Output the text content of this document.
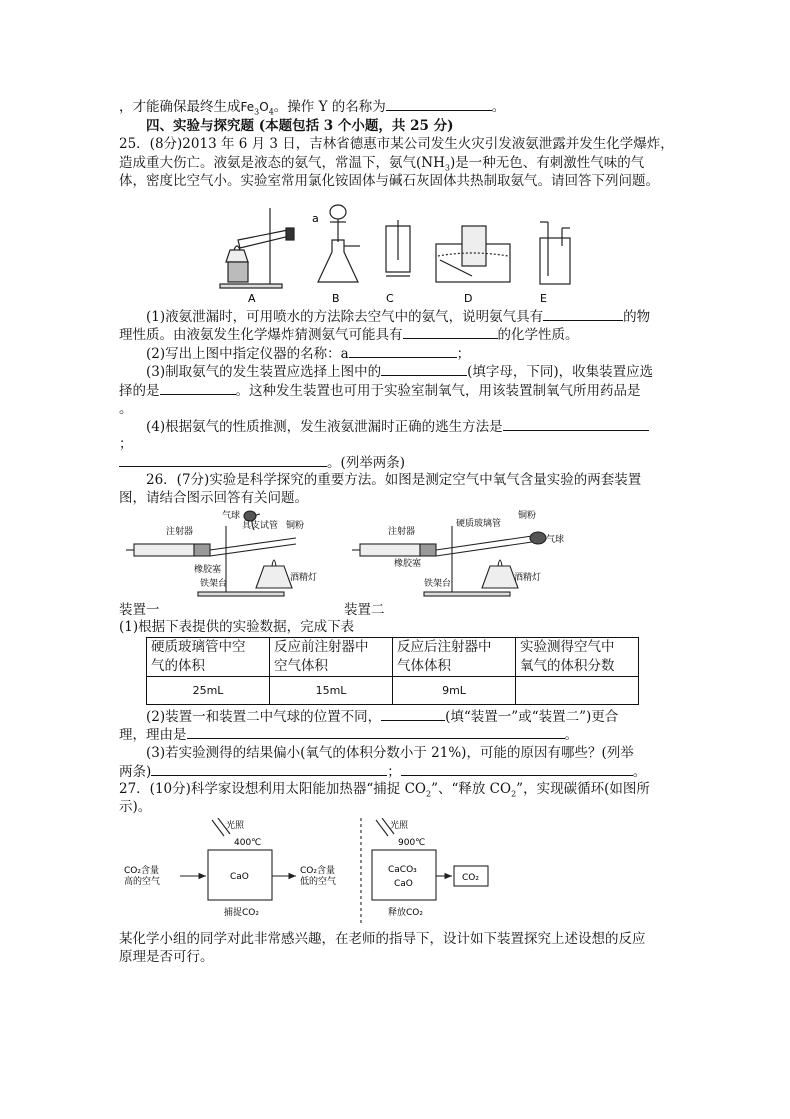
，才能确保最终生成$Fe_3O_4$。操作 Y 的名称为	。
四、实验与探究题 (本题包括 3 个小题，共 25 分)
25．(8分)2013 年 6 月 3 日，吉林省德惠市某公司发生火灾引发液氨泄露并发生化学爆炸，
造成重大伤亡。液氨是液态的氨气，常温下，氨气$(NH_3)$是一种无色、有刺激性气味的气
体，密度比空气小。实验室常用氯化铵固体与碱石灰固体共热制取氨气。请回答下列问题。
a
A	B	C	D	E
(1)液氨泄漏时，可用喷水的方法除去空气中的氨气，说明氨气具有	的物
理性质。由液氨发生化学爆炸猜测氨气可能具有	的化学性质。
(2)写出上图中指定仪器的名称：a	；
(3)制取氨气的发生装置应选择上图中的	(填字母，下同)，收集装置应选
择的是	。这种发生装置也可用于实验室制氧气，用该装置制氧气所用药品是
。
(4)根据氨气的性质推测，发生液氨泄漏时正确的逃生方法是
；
。(列举两条)
26．(7分)实验是科学探究的重要方法。如图是测定空气中氧气含量实验的两套装置
图，请结合图示回答有关问题。
气球
具支试管 铜粉
注射器
橡胶塞
铁架台
酒精灯
注射器
硬质玻璃管
铜粉
气球
橡胶塞
铁架台
酒精灯
装置一	装置二
(1)根据下表提供的实验数据，完成下表
硬质玻璃管中空
气的体积	反应前注射器中
空气体积	反应后注射器中
气体体积	实验测得空气中
氧气的体积分数
25mL	15mL	9mL	
(2)装置一和装置二中气球的位置不同，	(填“装置一”或“装置二”)更合
理，理由是	。
(3)若实验测得的结果偏小(氧气的体积分数小于 21%)，可能的原因有哪些？(列举
两条)	；	。
27．(10分)科学家设想利用太阳能加热器“捕捉 $CO_2$”、“释放 $CO_2$”，实现碳循环(如图所
示)。
光照
400℃
CO₂含量
高的空气	CaO
CO₂含量
低的空气
捕捉CO₂
光照
900℃
CaCO₃
CaO
释放CO₂
CO₂
某化学小组的同学对此非常感兴趣，在老师的指导下，设计如下装置探究上述设想的反应
原理是否可行。
